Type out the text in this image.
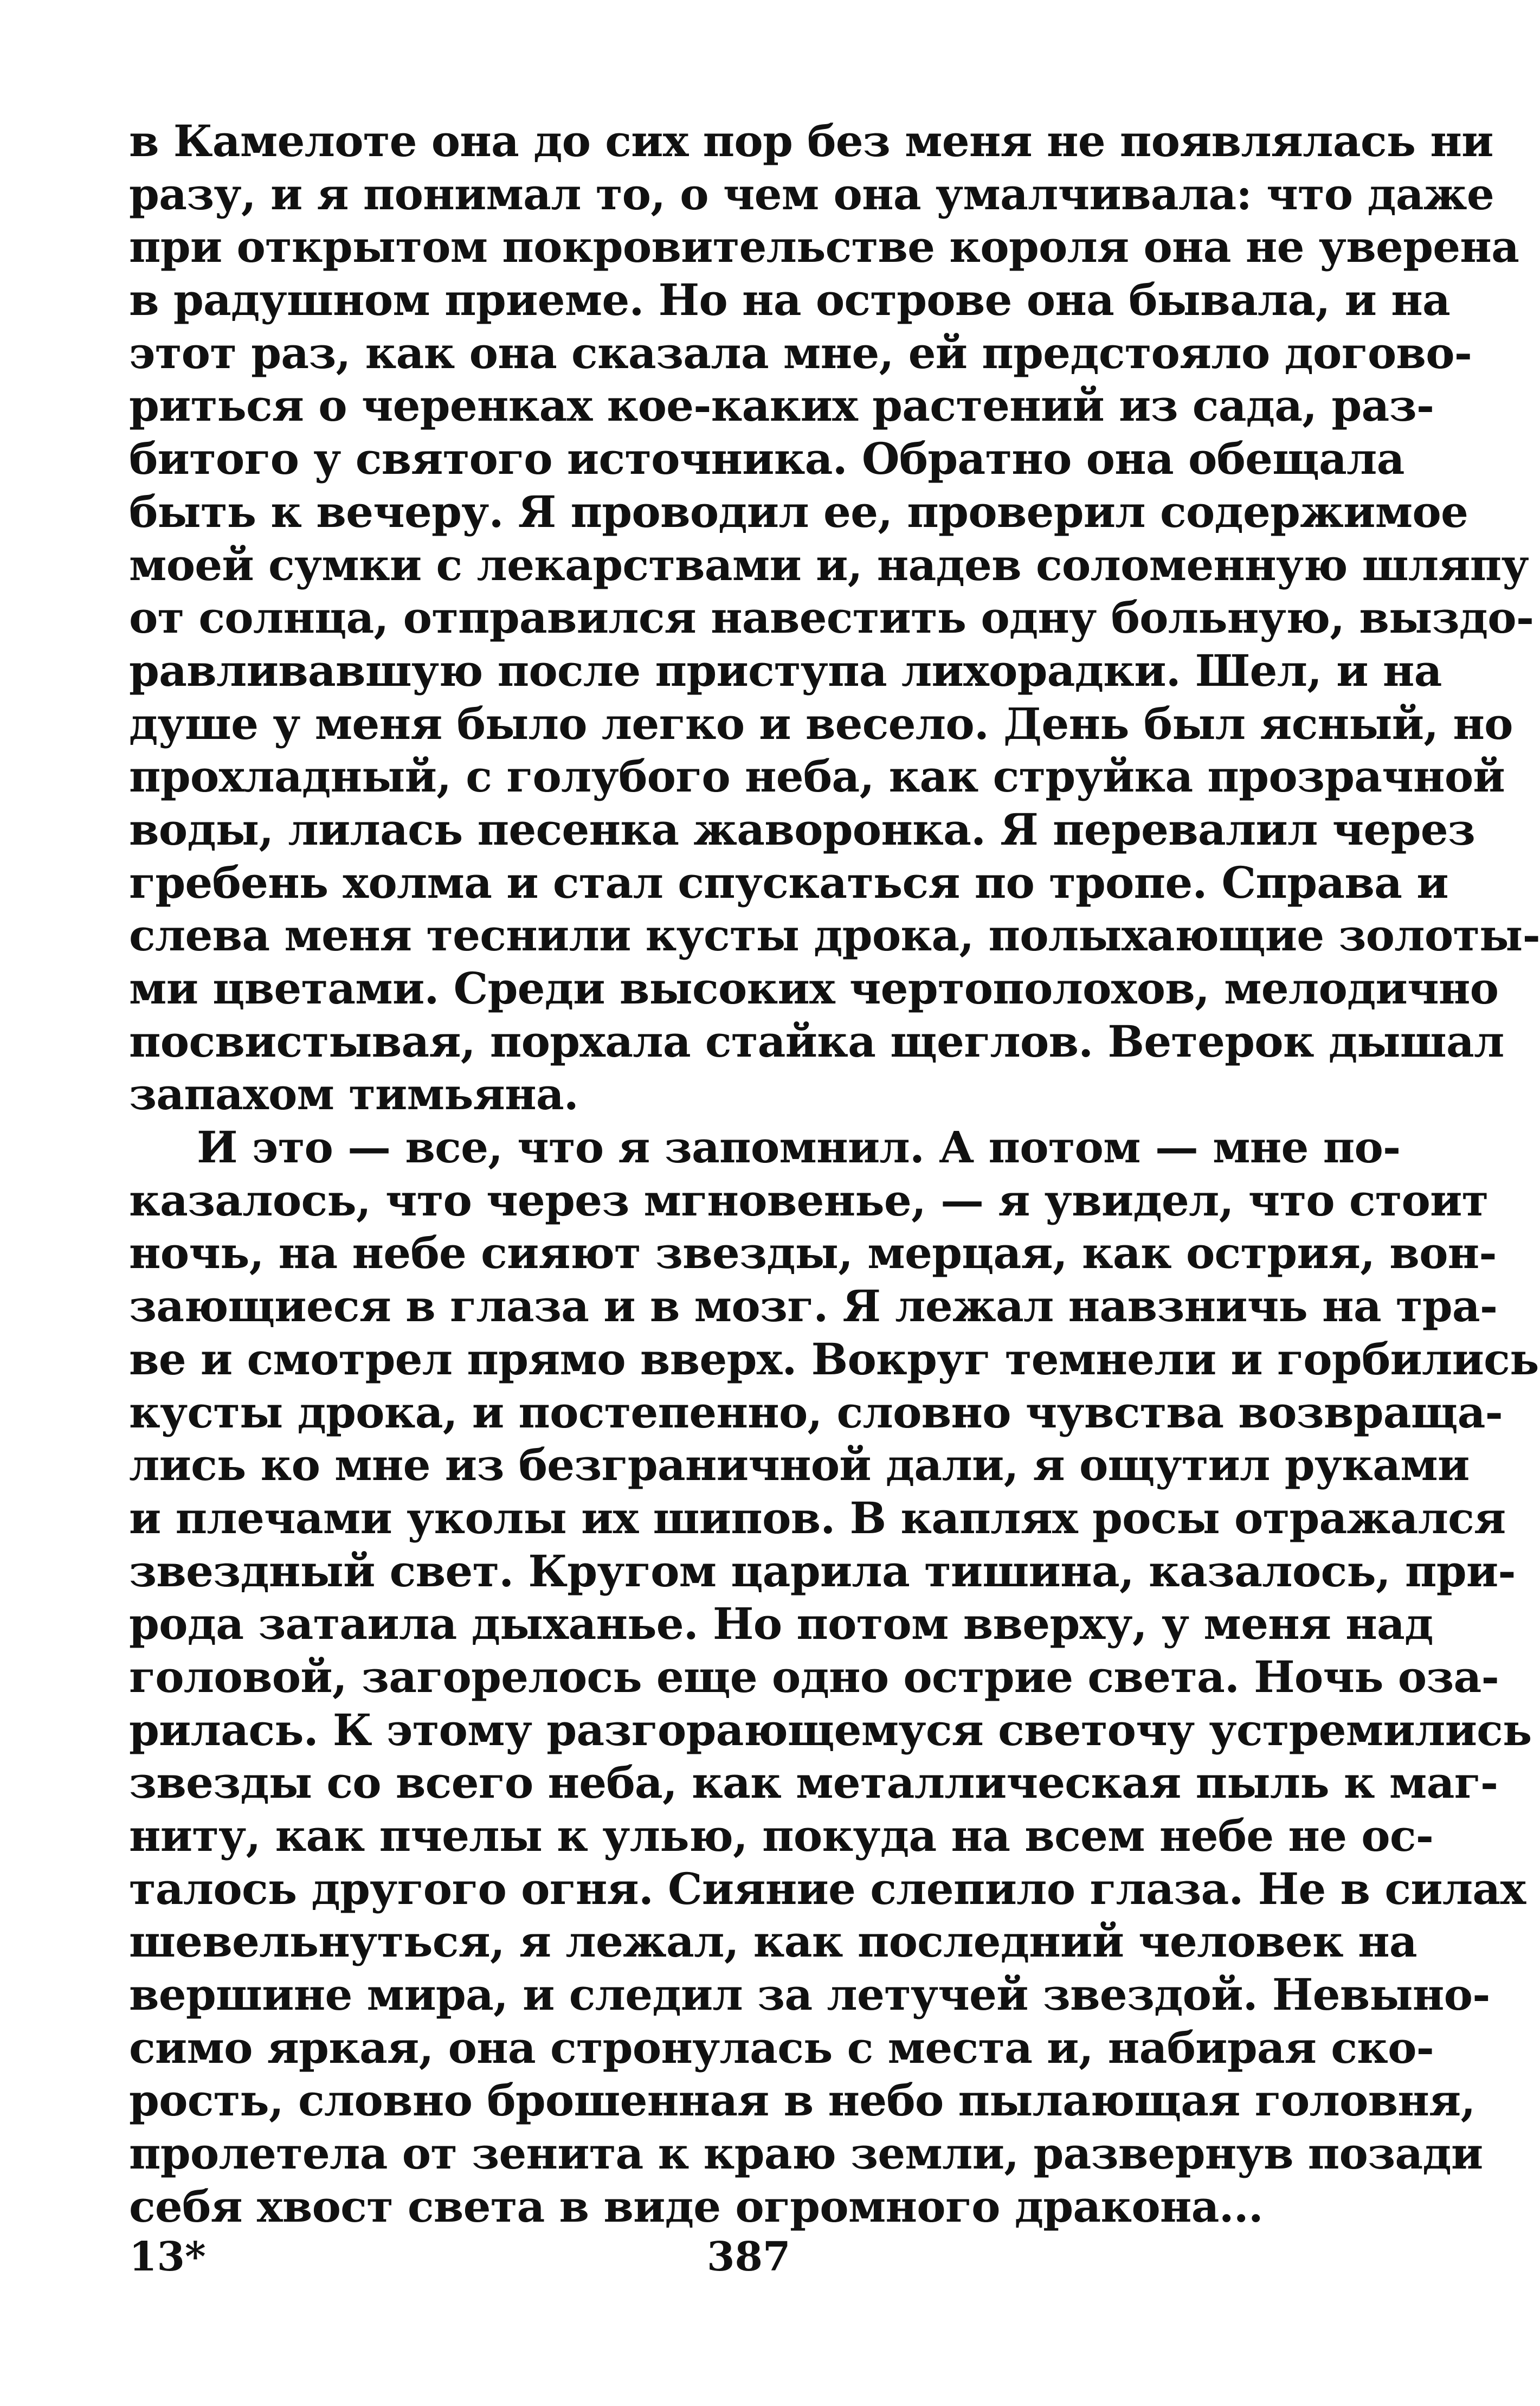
в Камелоте она до сих пор без меня не появлялась ни
разу, и я понимал то, о чем она умалчивала: что даже
при открытом покровительстве короля она не уверена
в радушном приеме. Но на острове она бывала, и на
этот раз, как она сказала мне, ей предстояло догово-
риться о черенках кое-каких растений из сада, раз-
битого у святого источника. Обратно она обещала
быть к вечеру. Я проводил ее, проверил содержимое
моей сумки с лекарствами и, надев соломенную шляпу
от солнца, отправился навестить одну больную, выздо-
равливавшую после приступа лихорадки. Шел, и на
душе у меня было легко и весело. День был ясный, но
прохладный, с голубого неба, как струйка прозрачной
воды, лилась песенка жаворонка. Я перевалил через
гребень холма и стал спускаться по тропе. Справа и
слева меня теснили кусты дрока, полыхающие золоты-
ми цветами. Среди высоких чертополохов, мелодично
посвистывая, порхала стайка щеглов. Ветерок дышал
запахом тимьяна.
И это — все, что я запомнил. А потом — мне по-
казалось, что через мгновенье, — я увидел, что стоит
ночь, на небе сияют звезды, мерцая, как острия, вон-
зающиеся в глаза и в мозг. Я лежал навзничь на тра-
ве и смотрел прямо вверх. Вокруг темнели и горбились
кусты дрока, и постепенно, словно чувства возвраща-
лись ко мне из безграничной дали, я ощутил руками
и плечами уколы их шипов. В каплях росы отражался
звездный свет. Кругом царила тишина, казалось, при-
рода затаила дыханье. Но потом вверху, у меня над
головой, загорелось еще одно острие света. Ночь оза-
рилась. К этому разгорающемуся светочу устремились
звезды со всего неба, как металлическая пыль к маг-
ниту, как пчелы к улью, покуда на всем небе не ос-
талось другого огня. Сияние слепило глаза. Не в силах
шевельнуться, я лежал, как последний человек на
вершине мира, и следил за летучей звездой. Невыно-
симо яркая, она стронулась с места и, набирая ско-
рость, словно брошенная в небо пылающая головня,
пролетела от зенита к краю земли, развернув позади
себя хвост света в виде огромного дракона...
13*	387
